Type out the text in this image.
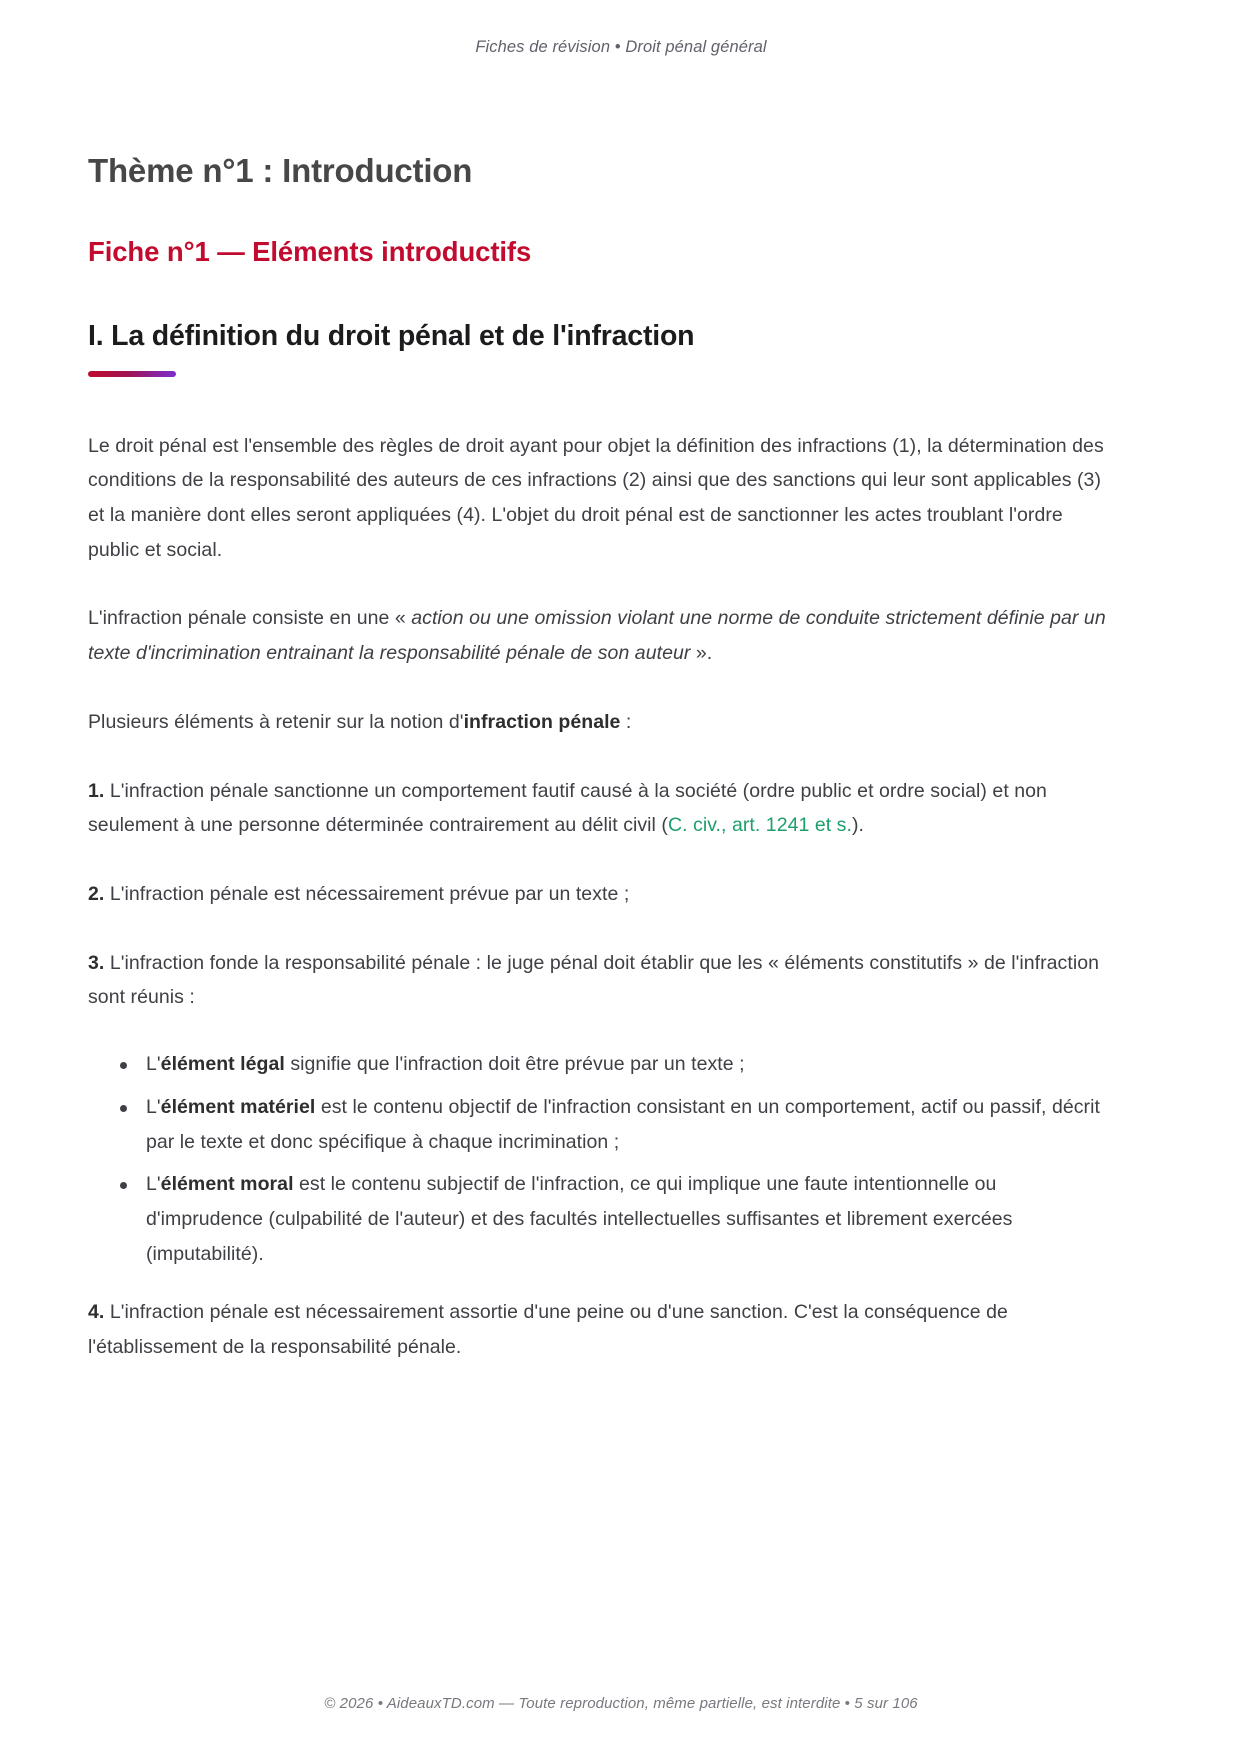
Fiches de révision • Droit pénal général
Thème n°1 : Introduction
Fiche n°1 — Eléments introductifs
I. La définition du droit pénal et de l'infraction

Le droit pénal est l'ensemble des règles de droit ayant pour objet la définition des infractions (1), la détermination des conditions de la responsabilité des auteurs de ces infractions (2) ainsi que des sanctions qui leur sont applicables (3) et la manière dont elles seront appliquées (4). L'objet du droit pénal est de sanctionner les actes troublant l'ordre public et social.

L'infraction pénale consiste en une « action ou une omission violant une norme de conduite strictement définie par un texte d'incrimination entrainant la responsabilité pénale de son auteur ».

Plusieurs éléments à retenir sur la notion d'infraction pénale :

1. L'infraction pénale sanctionne un comportement fautif causé à la société (ordre public et ordre social) et non seulement à une personne déterminée contrairement au délit civil (C. civ., art. 1241 et s.).

2. L'infraction pénale est nécessairement prévue par un texte ;

3. L'infraction fonde la responsabilité pénale : le juge pénal doit établir que les « éléments constitutifs » de l'infraction sont réunis :

L'élément légal signifie que l'infraction doit être prévue par un texte ;
L'élément matériel est le contenu objectif de l'infraction consistant en un comportement, actif ou passif, décrit par le texte et donc spécifique à chaque incrimination ;
L'élément moral est le contenu subjectif de l'infraction, ce qui implique une faute intentionnelle ou d'imprudence (culpabilité de l'auteur) et des facultés intellectuelles suffisantes et librement exercées (imputabilité).

4. L'infraction pénale est nécessairement assortie d'une peine ou d'une sanction. C'est la conséquence de l'établissement de la responsabilité pénale.

© 2026 • AideauxTD.com — Toute reproduction, même partielle, est interdite • 5 sur 106
